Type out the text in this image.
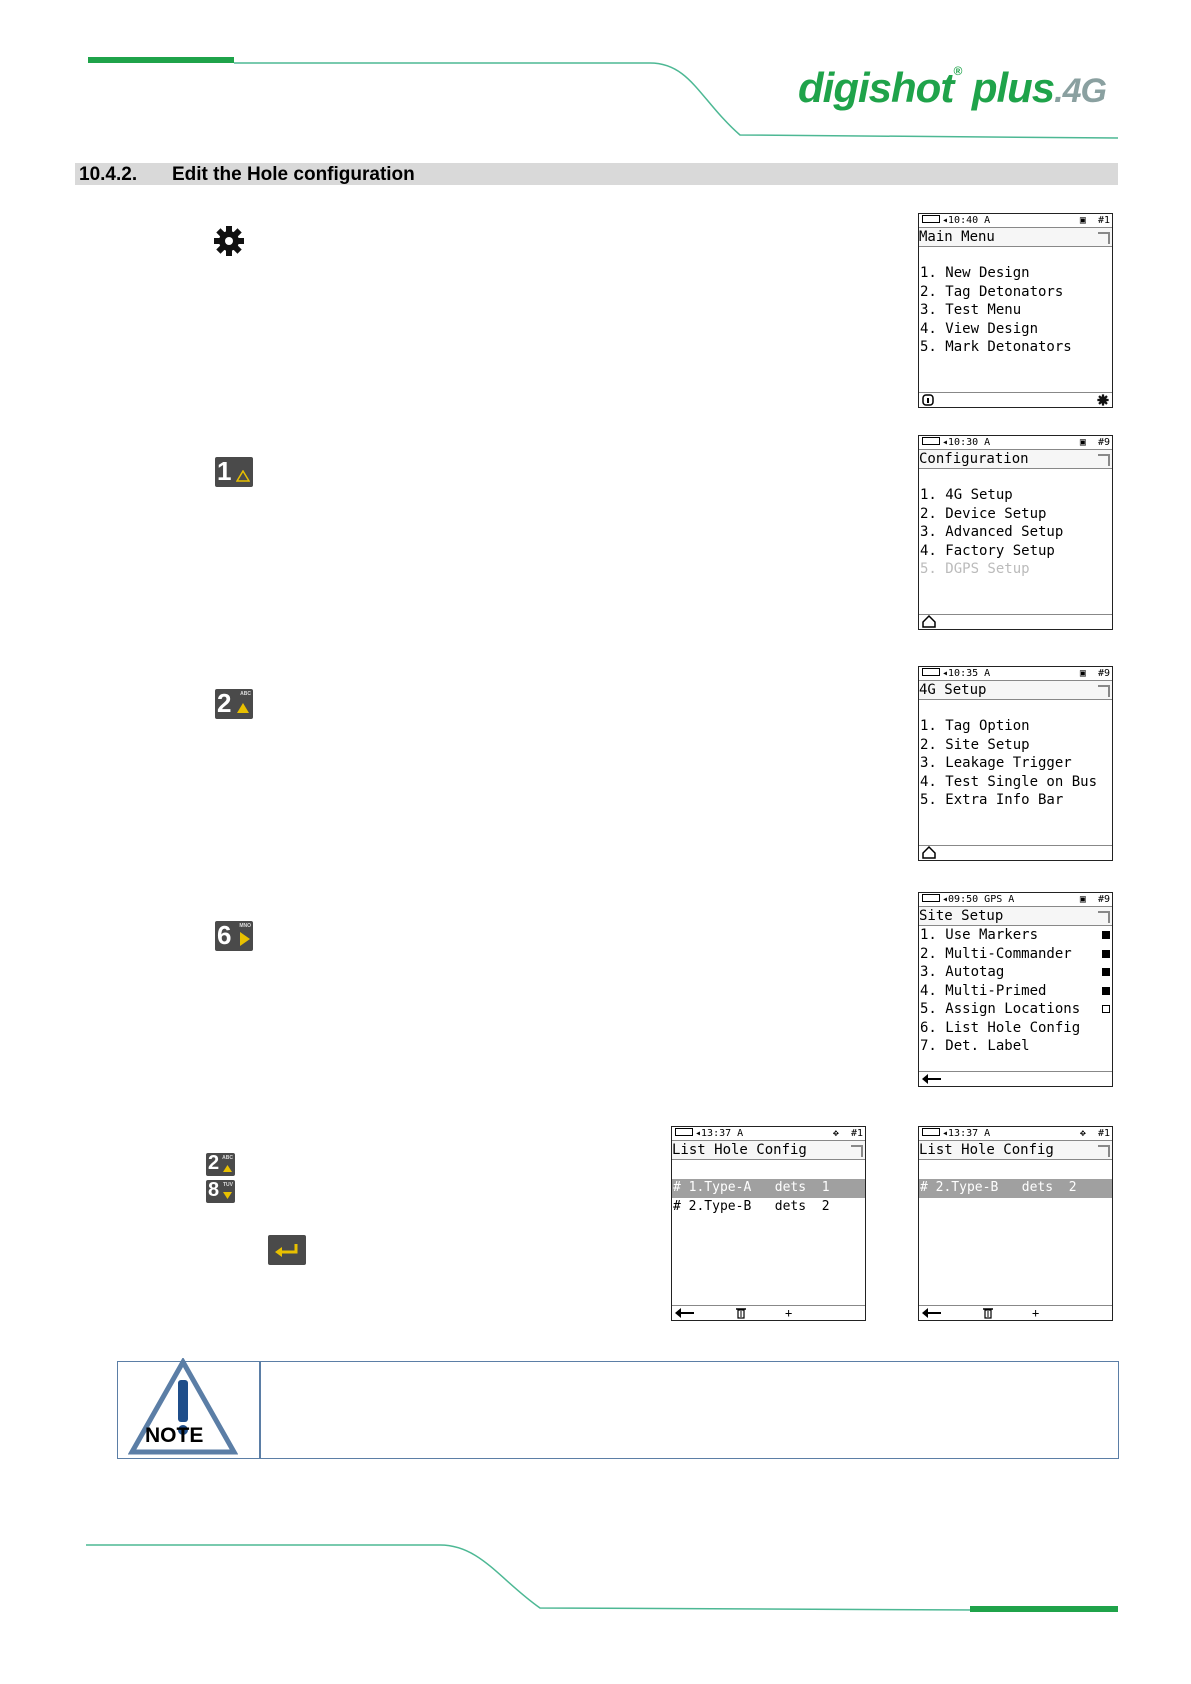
digishot® plus.4G
10.4.2. Edit the Hole configuration
1
2 ABC
6 MNO
2 ABC
8 TUV
◂10:40 A	▣ #1
Main Menu
1. New Design
2. Tag Detonators
3. Test Menu
4. View Design
5. Mark Detonators
◂10:30 A	▣ #9
Configuration
1. 4G Setup
2. Device Setup
3. Advanced Setup
4. Factory Setup
5. DGPS Setup
◂10:35 A	▣ #9
4G Setup
1. Tag Option
2. Site Setup
3. Leakage Trigger
4. Test Single on Bus
5. Extra Info Bar
◂09:50 GPS A	▣ #9
Site Setup
1. Use Markers
2. Multi-Commander
3. Autotag
4. Multi-Primed
5. Assign Locations
6. List Hole Config
7. Det. Label
◂13:37 A	✥ #1
List Hole Config
# 1.Type-A   dets  1
# 2.Type-B   dets  2
+
◂13:37 A	✥ #1
List Hole Config
# 2.Type-B   dets  2
+
NOTE
